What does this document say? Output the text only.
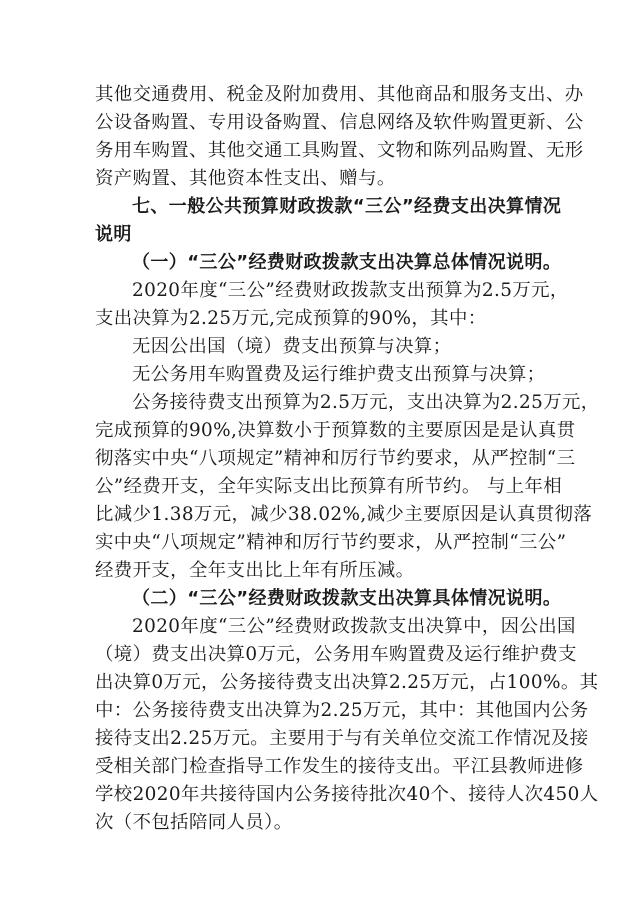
其他交通费用、税金及附加费用、其他商品和服务支出、办
公设备购置、专用设备购置、信息网络及软件购置更新、公
务用车购置、其他交通工具购置、文物和陈列品购置、无形
资产购置、其他资本性支出、赠与。
七、一般公共预算财政拨款“三公”经费支出决算情况
说明
（一）“三公”经费财政拨款支出决算总体情况说明。
2020年度“三公”经费财政拨款支出预算为2.5万元，
支出决算为2.25万元,完成预算的90%，其中：
无因公出国（境）费支出预算与决算；
无公务用车购置费及运行维护费支出预算与决算；
公务接待费支出预算为2.5万元，支出决算为2.25万元，
完成预算的90%,决算数小于预算数的主要原因是是认真贯
彻落实中央“八项规定”精神和厉行节约要求，从严控制“三
公”经费开支，全年实际支出比预算有所节约。 与上年相
比减少1.38万元，减少38.02%,减少主要原因是认真贯彻落
实中央“八项规定”精神和厉行节约要求，从严控制“三公”
经费开支，全年支出比上年有所压减。
（二）“三公”经费财政拨款支出决算具体情况说明。
2020年度“三公”经费财政拨款支出决算中，因公出国
（境）费支出决算0万元，公务用车购置费及运行维护费支
出决算0万元，公务接待费支出决算2.25万元，占100%。其
中：公务接待费支出决算为2.25万元，其中：其他国内公务
接待支出2.25万元。主要用于与有关单位交流工作情况及接
受相关部门检查指导工作发生的接待支出。平江县教师进修
学校2020年共接待国内公务接待批次40个、接待人次450人
次（不包括陪同人员）。
